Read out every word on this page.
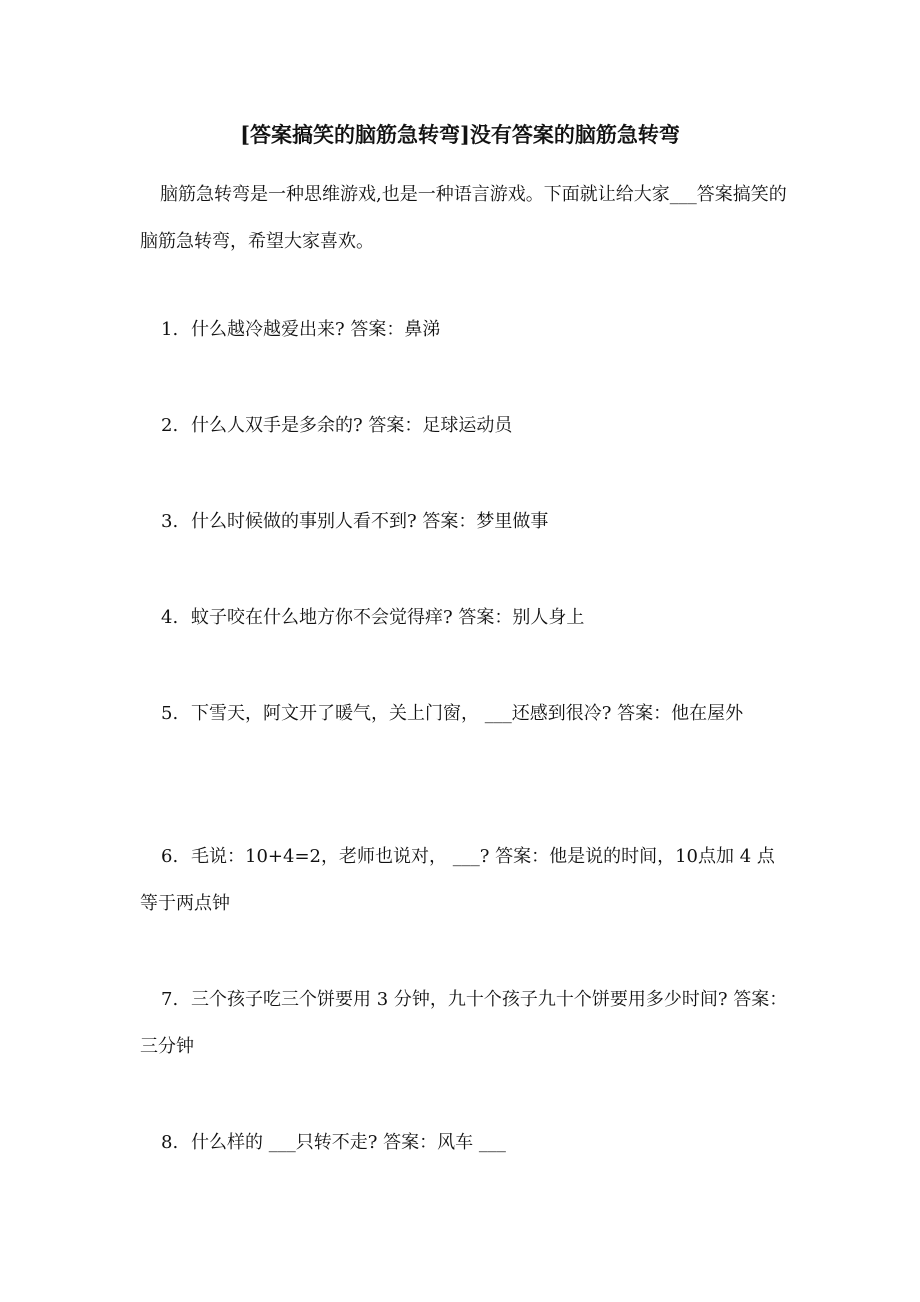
[答案搞笑的脑筋急转弯]没有答案的脑筋急转弯
脑筋急转弯是一种思维游戏,也是一种语言游戏。下面就让给大家___答案搞笑的脑筋急转弯，希望大家喜欢。
1. 什么越冷越爱出来? 答案：鼻涕
2. 什么人双手是多余的? 答案：足球运动员
3. 什么时候做的事别人看不到? 答案：梦里做事
4. 蚊子咬在什么地方你不会觉得痒? 答案：别人身上
5. 下雪天，阿文开了暖气，关上门窗， ___还感到很冷? 答案：他在屋外
6. 毛说：10+4=2，老师也说对， ___? 答案：他是说的时间，10点加 4 点等于两点钟
7. 三个孩子吃三个饼要用 3 分钟，九十个孩子九十个饼要用多少时间? 答案：三分钟
8. 什么样的 ___只转不走? 答案：风车 ___
